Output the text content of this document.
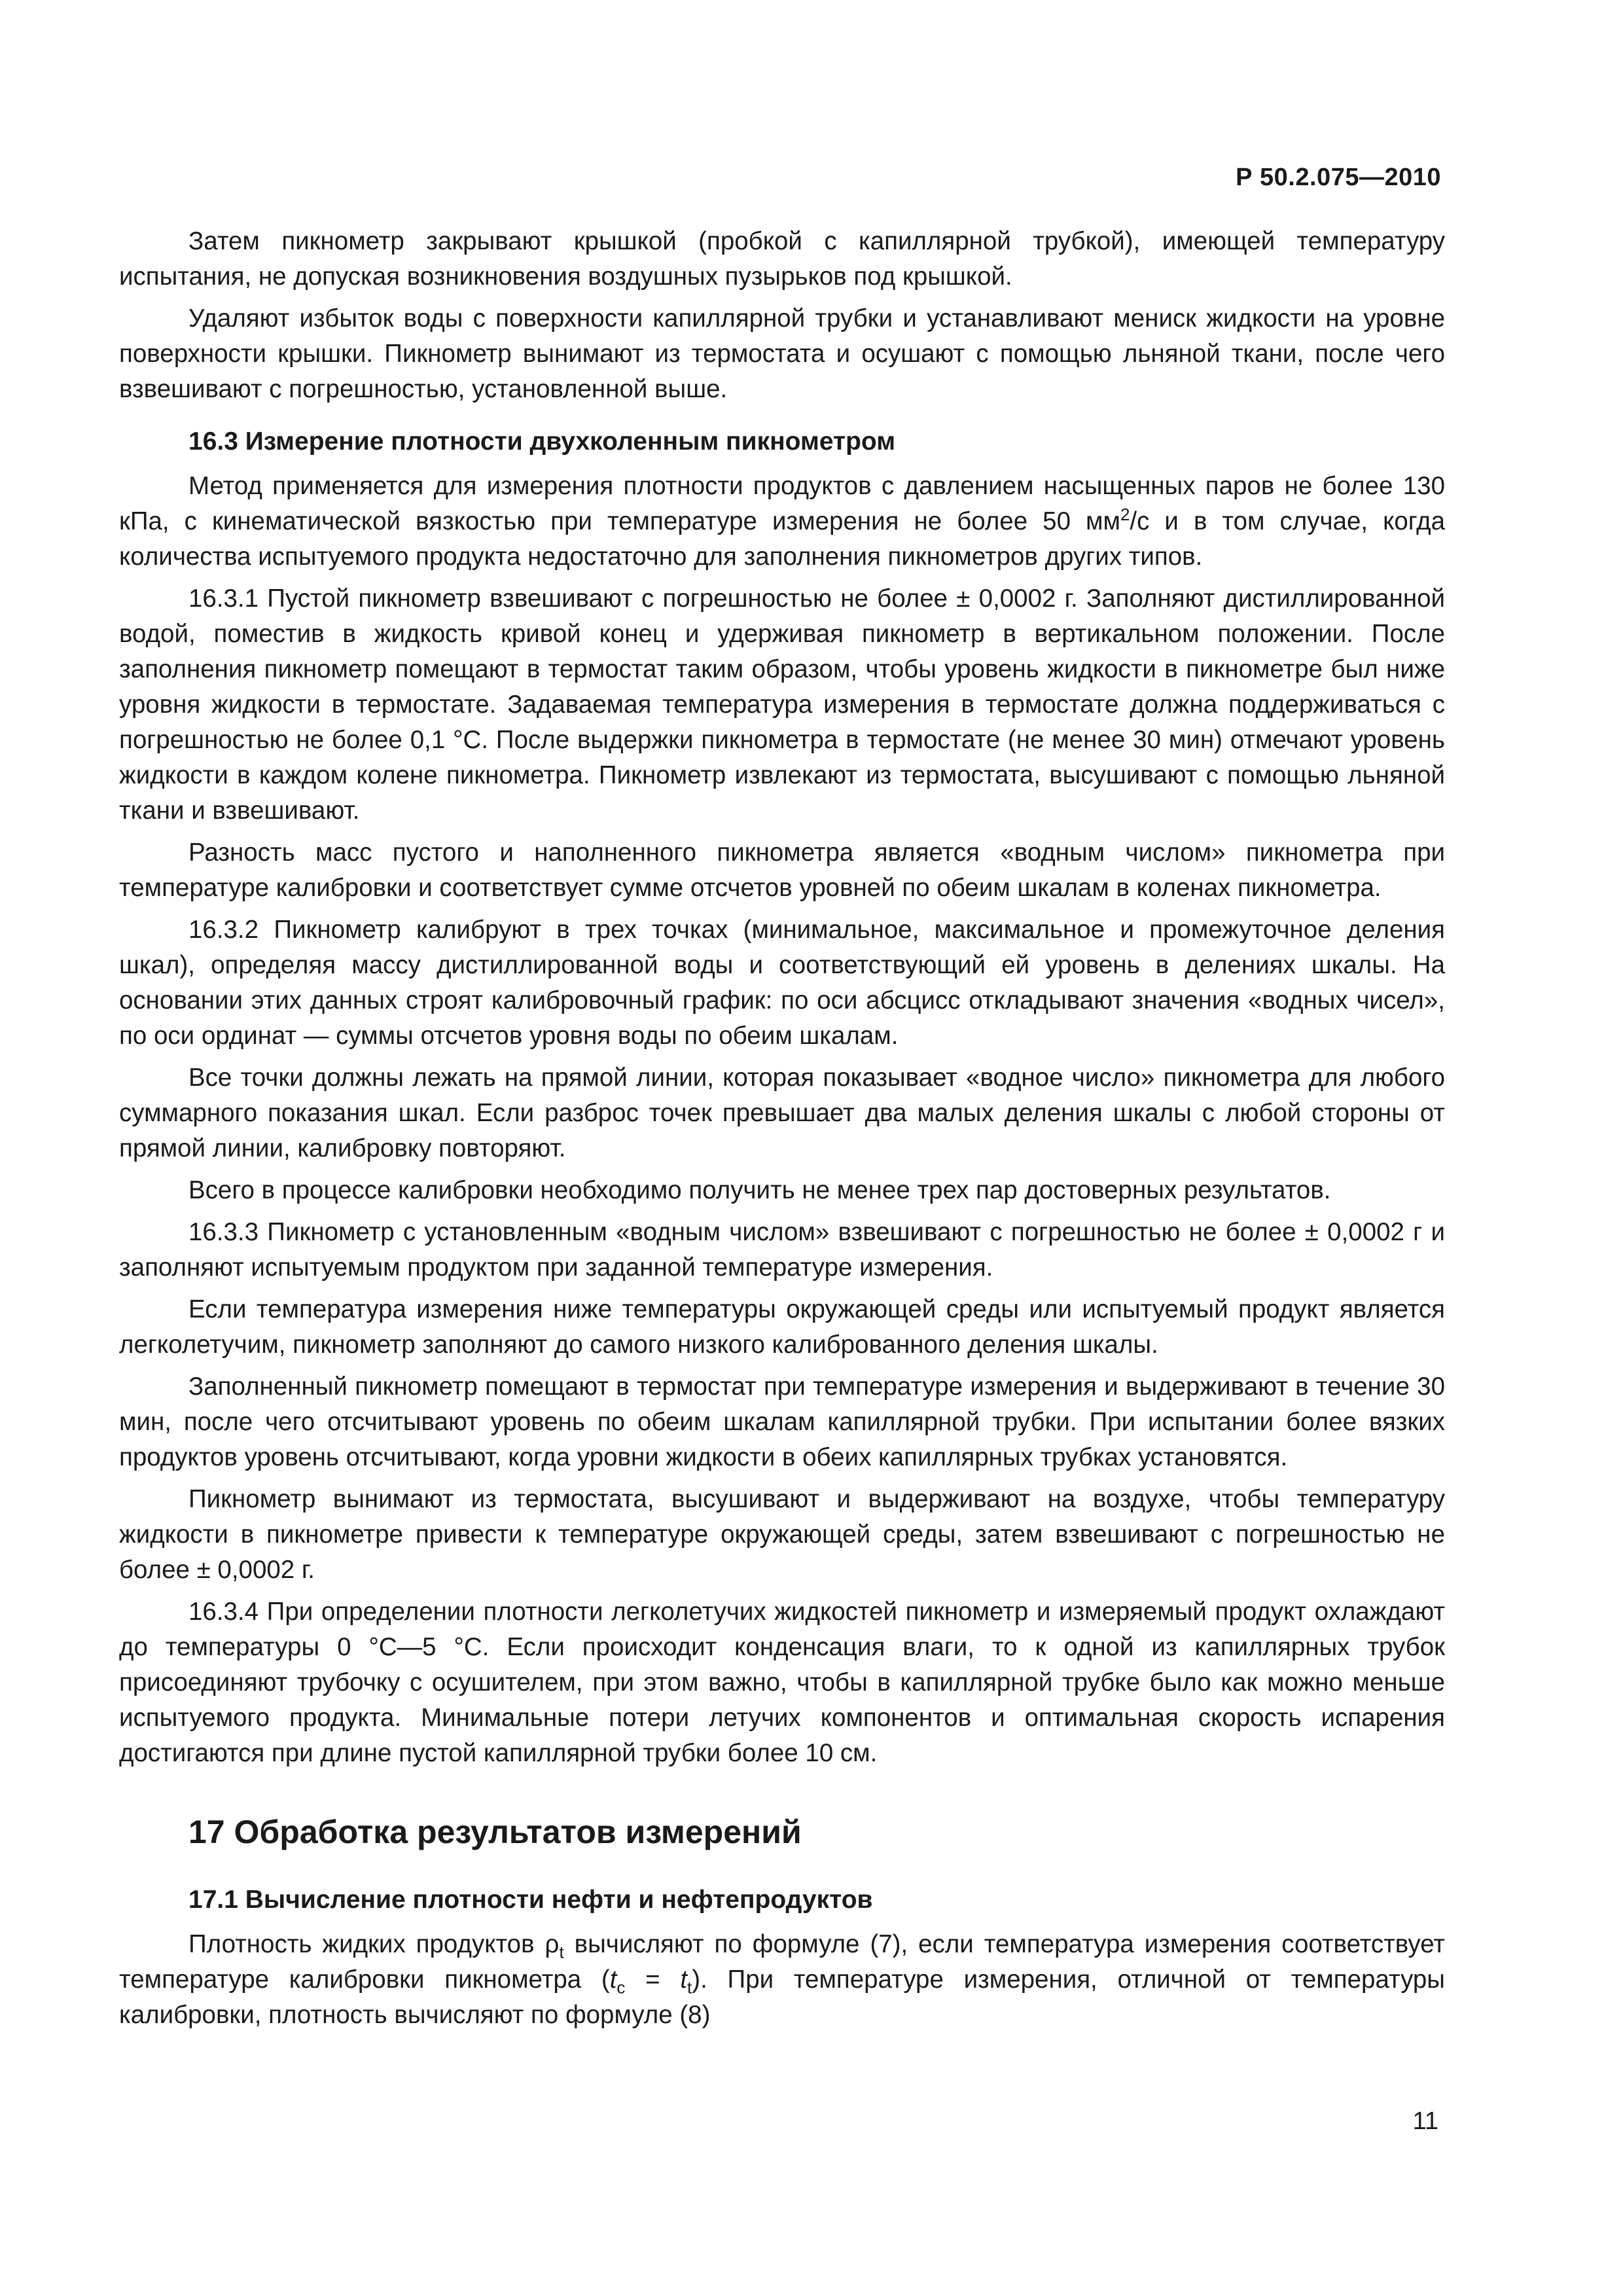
Р 50.2.075—2010

Затем пикнометр закрывают крышкой (пробкой с капиллярной трубкой), имеющей температуру испытания, не допуская возникновения воздушных пузырьков под крышкой.

Удаляют избыток воды с поверхности капиллярной трубки и устанавливают мениск жидкости на уровне поверхности крышки. Пикнометр вынимают из термостата и осушают с помощью льняной ткани, после чего взвешивают с погрешностью, установленной выше.

16.3 Измерение плотности двухколенным пикнометром

Метод применяется для измерения плотности продуктов с давлением насыщенных паров не более 130 кПа, с кинематической вязкостью при температуре измерения не более 50 $мм^2/с$ и в том случае, когда количества испытуемого продукта недостаточно для заполнения пикнометров других типов.

16.3.1 Пустой пикнометр взвешивают с погрешностью не более ± 0,0002 г. Заполняют дистиллированной водой, поместив в жидкость кривой конец и удерживая пикнометр в вертикальном положении. После заполнения пикнометр помещают в термостат таким образом, чтобы уровень жидкости в пикнометре был ниже уровня жидкости в термостате. Задаваемая температура измерения в термостате должна поддерживаться с погрешностью не более 0,1 °С. После выдержки пикнометра в термостате (не менее 30 мин) отмечают уровень жидкости в каждом колене пикнометра. Пикнометр извлекают из термостата, высушивают с помощью льняной ткани и взвешивают.

Разность масс пустого и наполненного пикнометра является «водным числом» пикнометра при температуре калибровки и соответствует сумме отсчетов уровней по обеим шкалам в коленах пикнометра.

16.3.2 Пикнометр калибруют в трех точках (минимальное, максимальное и промежуточное деления шкал), определяя массу дистиллированной воды и соответствующий ей уровень в делениях шкалы. На основании этих данных строят калибровочный график: по оси абсцисс откладывают значения «водных чисел», по оси ординат — суммы отсчетов уровня воды по обеим шкалам.

Все точки должны лежать на прямой линии, которая показывает «водное число» пикнометра для любого суммарного показания шкал. Если разброс точек превышает два малых деления шкалы с любой стороны от прямой линии, калибровку повторяют.

Всего в процессе калибровки необходимо получить не менее трех пар достоверных результатов.

16.3.3 Пикнометр с установленным «водным числом» взвешивают с погрешностью не более ± 0,0002 г и заполняют испытуемым продуктом при заданной температуре измерения.

Если температура измерения ниже температуры окружающей среды или испытуемый продукт является легколетучим, пикнометр заполняют до самого низкого калиброванного деления шкалы.

Заполненный пикнометр помещают в термостат при температуре измерения и выдерживают в течение 30 мин, после чего отсчитывают уровень по обеим шкалам капиллярной трубки. При испытании более вязких продуктов уровень отсчитывают, когда уровни жидкости в обеих капиллярных трубках установятся.

Пикнометр вынимают из термостата, высушивают и выдерживают на воздухе, чтобы температуру жидкости в пикнометре привести к температуре окружающей среды, затем взвешивают с погрешностью не более ± 0,0002 г.

16.3.4 При определении плотности легколетучих жидкостей пикнометр и измеряемый продукт охлаждают до температуры 0 °С—5 °С. Если происходит конденсация влаги, то к одной из капиллярных трубок присоединяют трубочку с осушителем, при этом важно, чтобы в капиллярной трубке было как можно меньше испытуемого продукта. Минимальные потери летучих компонентов и оптимальная скорость испарения достигаются при длине пустой капиллярной трубки более 10 см.

17 Обработка результатов измерений
17.1 Вычисление плотности нефти и нефтепродуктов

Плотность жидких продуктов $\rho_t$ вычисляют по формуле (7), если температура измерения соответствует температуре калибровки пикнометра $(t_c = t_t)$. При температуре измерения, отличной от температуры калибровки, плотность вычисляют по формуле (8)

11
